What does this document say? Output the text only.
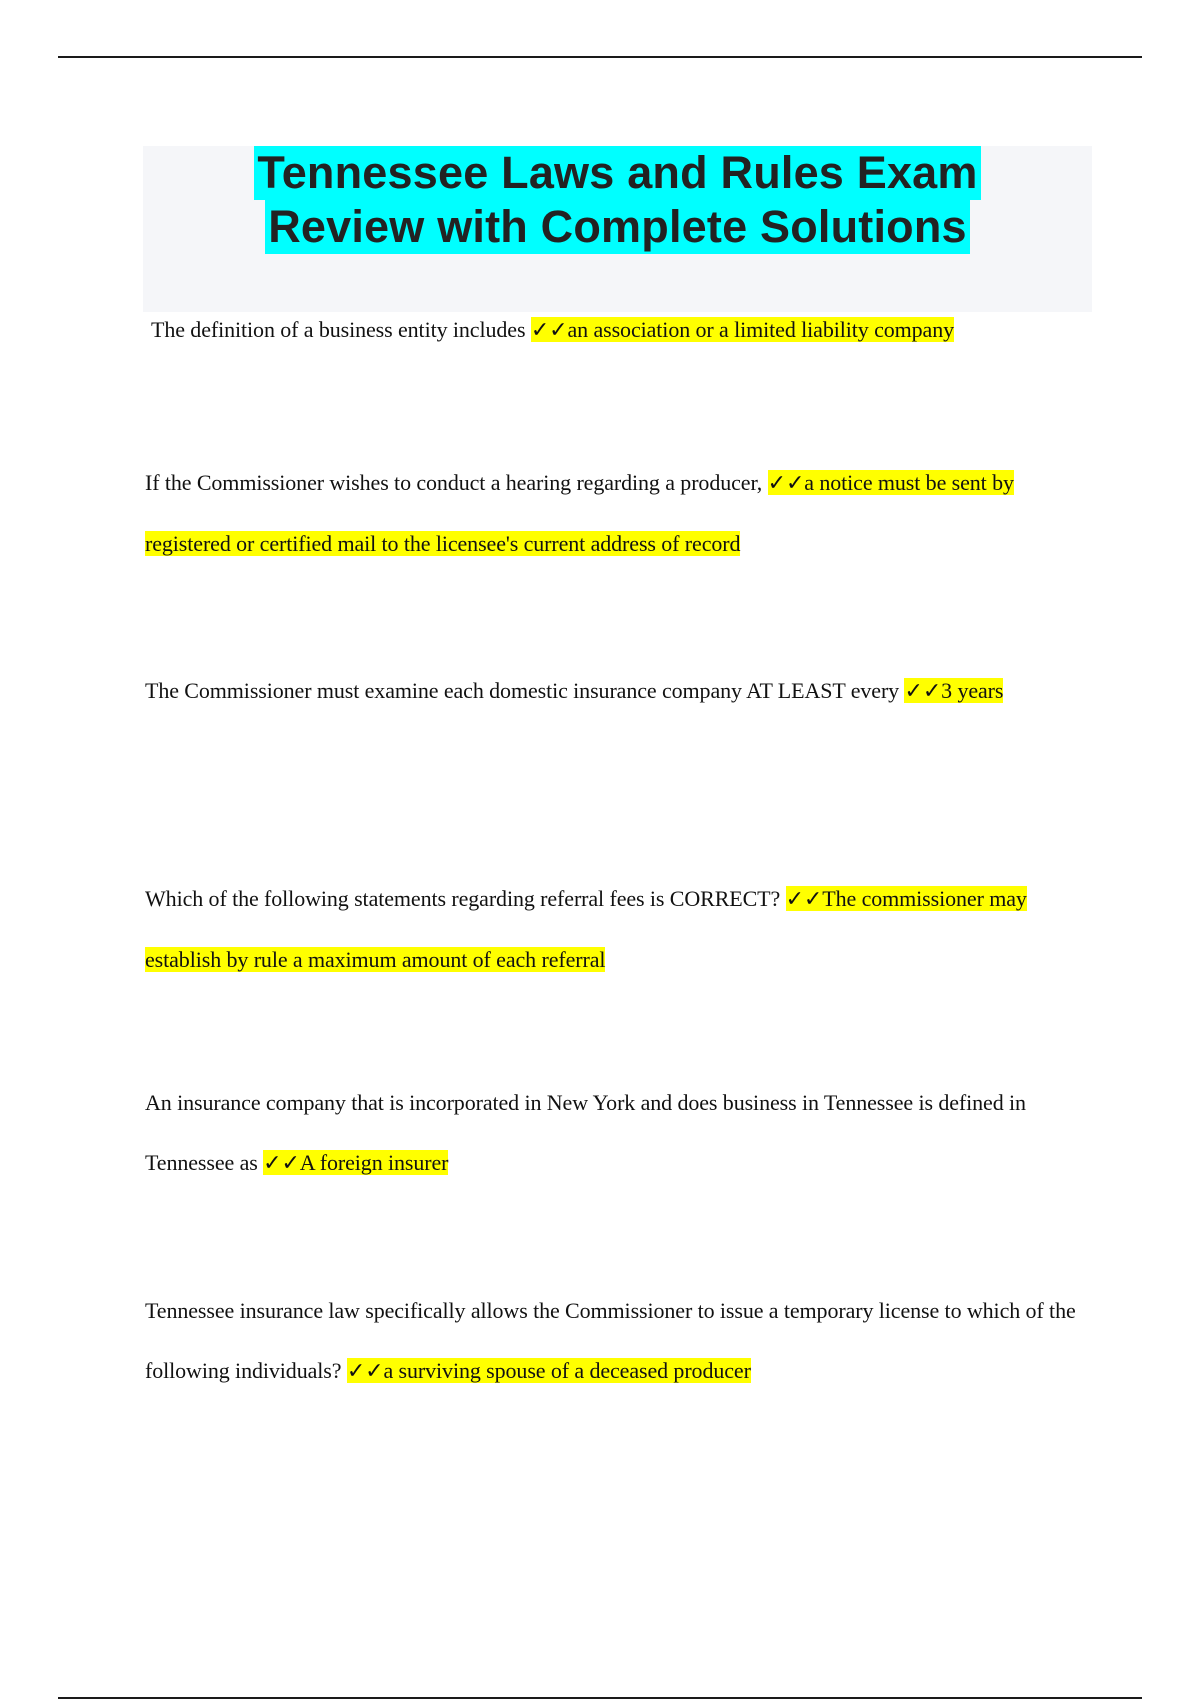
Tennessee Laws and Rules Exam
Review with Complete Solutions
The definition of a business entity includes ✓✓an association or a limited liability company
If the Commissioner wishes to conduct a hearing regarding a producer, ✓✓a notice must be sent by registered or certified mail to the licensee's current address of record
The Commissioner must examine each domestic insurance company AT LEAST every ✓✓3 years
Which of the following statements regarding referral fees is CORRECT? ✓✓The commissioner may establish by rule a maximum amount of each referral
An insurance company that is incorporated in New York and does business in Tennessee is defined in Tennessee as ✓✓A foreign insurer
Tennessee insurance law specifically allows the Commissioner to issue a temporary license to which of the following individuals? ✓✓a surviving spouse of a deceased producer
